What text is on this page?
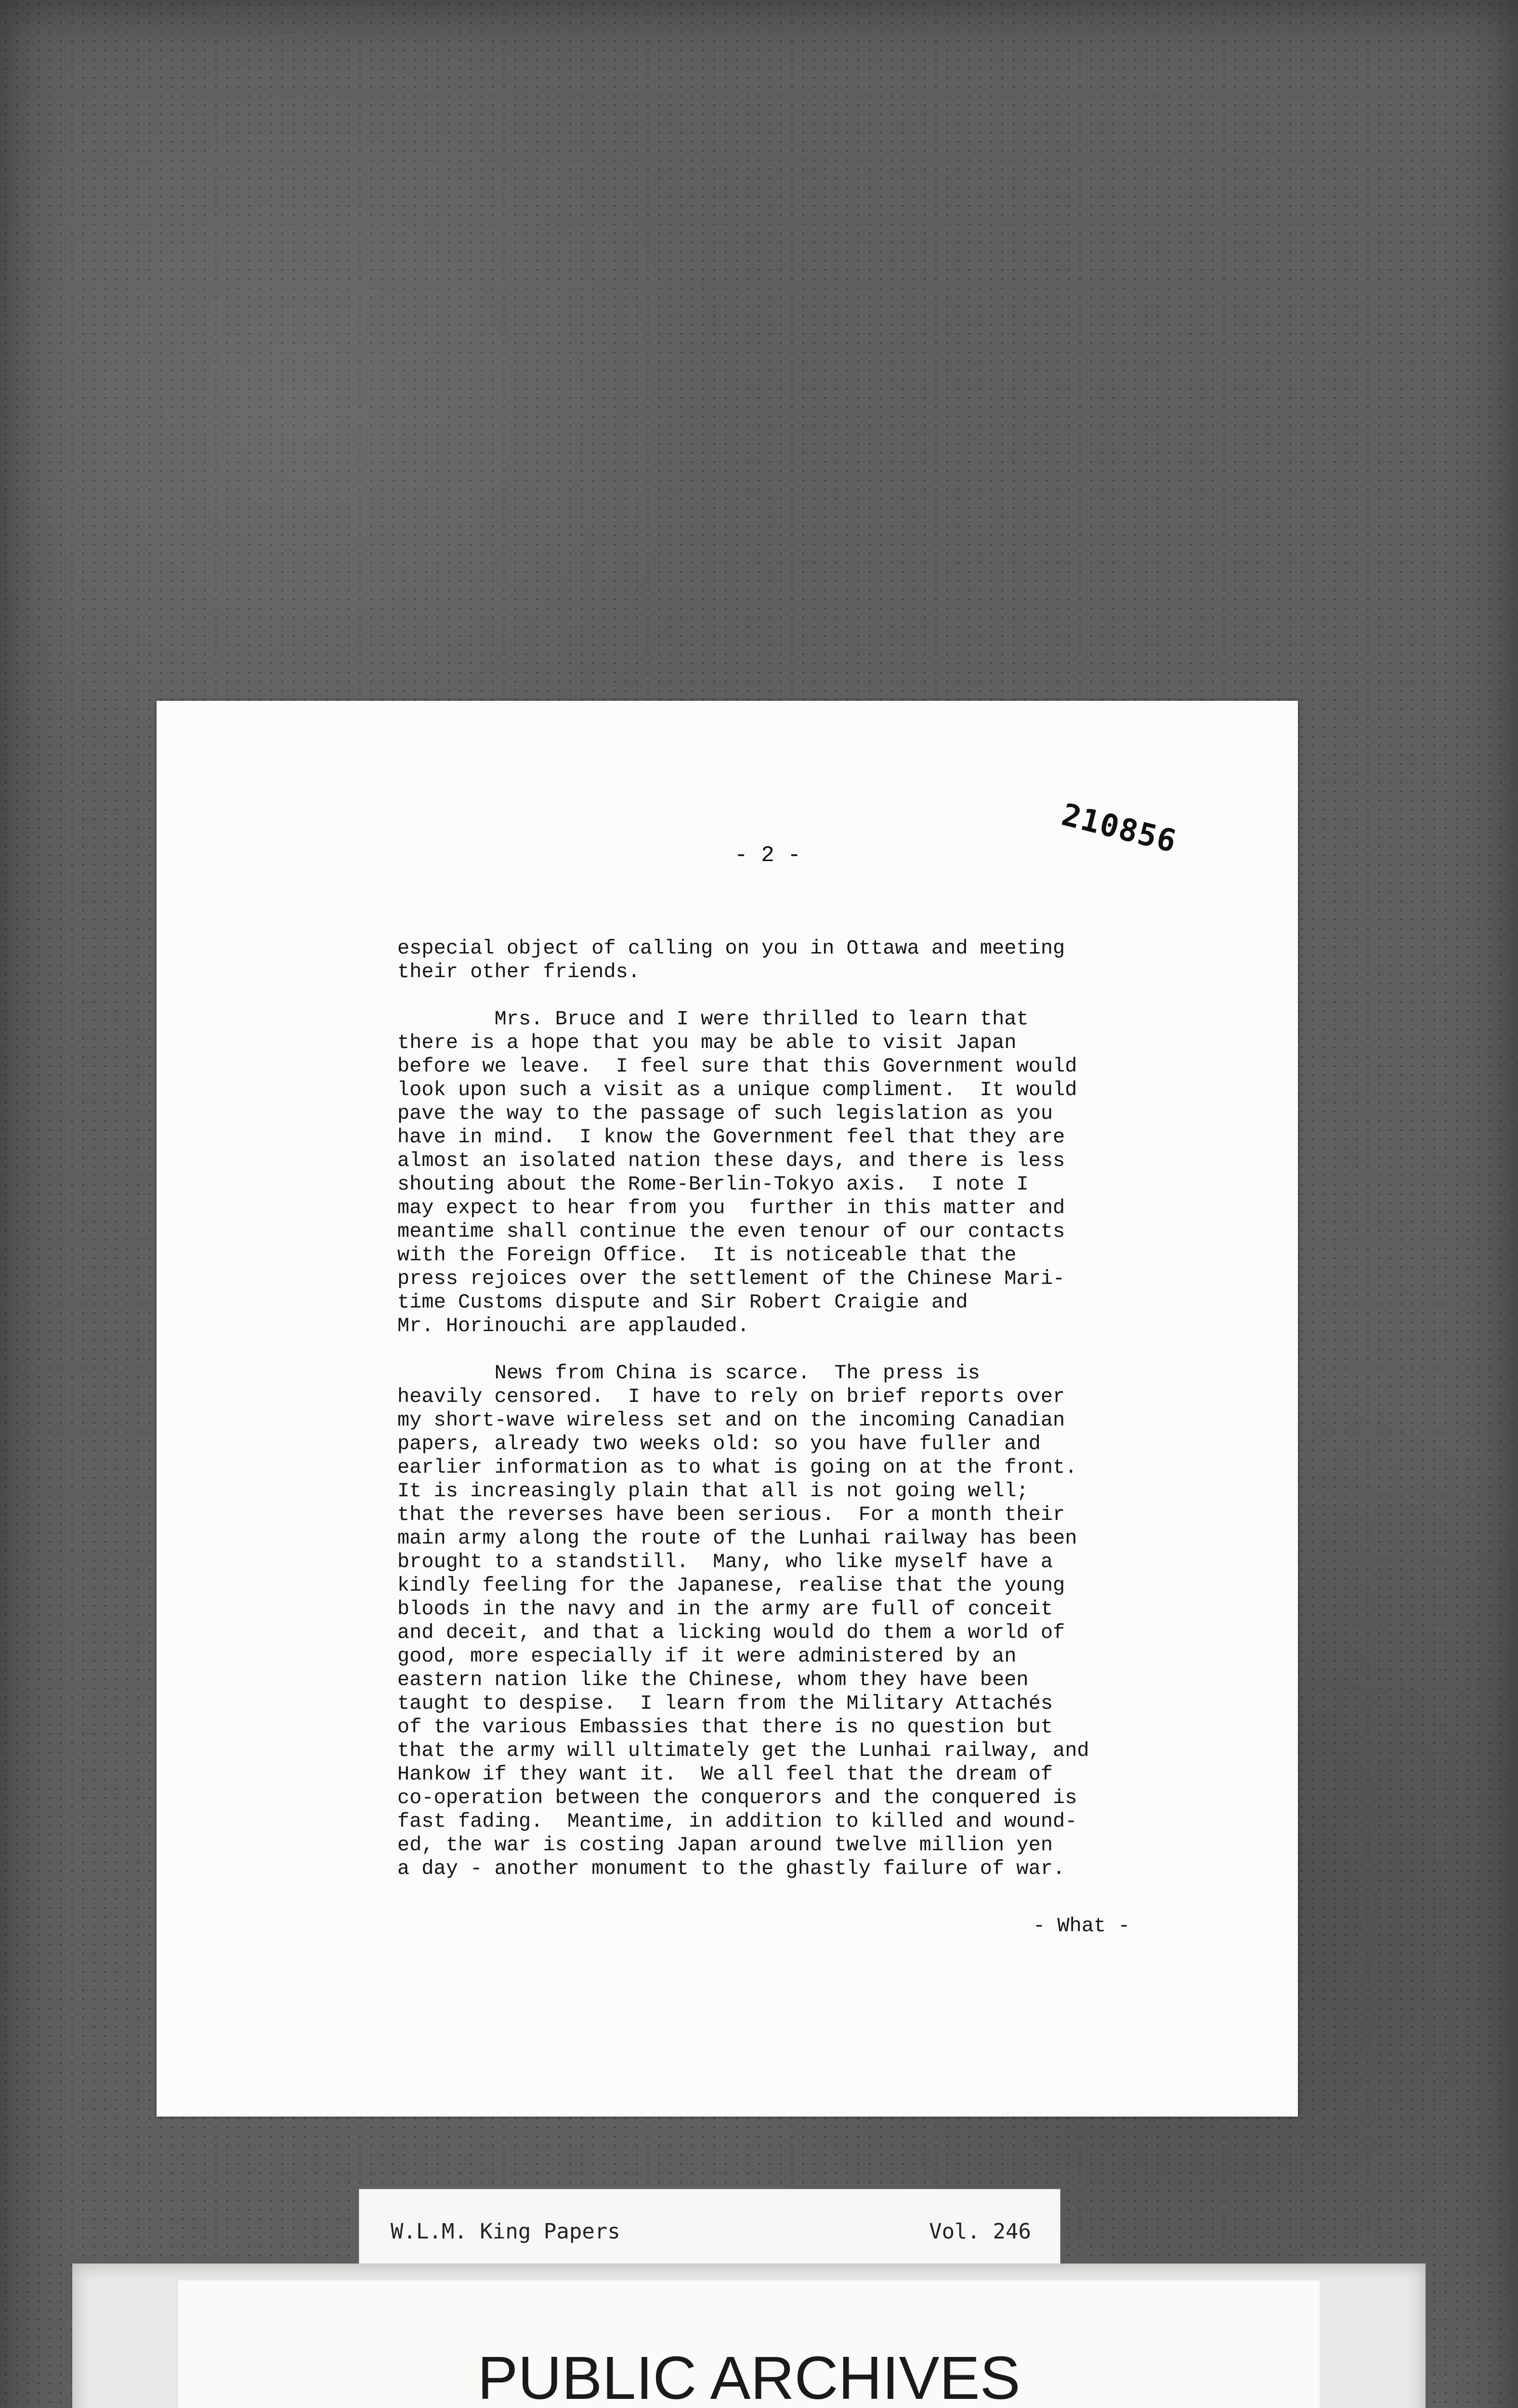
210856
- 2 -
especial object of calling on you in Ottawa and meeting
their other friends.
Mrs. Bruce and I were thrilled to learn that
there is a hope that you may be able to visit Japan
before we leave.  I feel sure that this Government would
look upon such a visit as a unique compliment.  It would
pave the way to the passage of such legislation as you
have in mind.  I know the Government feel that they are
almost an isolated nation these days, and there is less
shouting about the Rome-Berlin-Tokyo axis.  I note I
may expect to hear from you  further in this matter and
meantime shall continue the even tenour of our contacts
with the Foreign Office.  It is noticeable that the
press rejoices over the settlement of the Chinese Mari-
time Customs dispute and Sir Robert Craigie and
Mr. Horinouchi are applauded.
News from China is scarce.  The press is
heavily censored.  I have to rely on brief reports over
my short-wave wireless set and on the incoming Canadian
papers, already two weeks old: so you have fuller and
earlier information as to what is going on at the front.
It is increasingly plain that all is not going well;
that the reverses have been serious.  For a month their
main army along the route of the Lunhai railway has been
brought to a standstill.  Many, who like myself have a
kindly feeling for the Japanese, realise that the young
bloods in the navy and in the army are full of conceit
and deceit, and that a licking would do them a world of
good, more especially if it were administered by an
eastern nation like the Chinese, whom they have been
taught to despise.  I learn from the Military Attachés
of the various Embassies that there is no question but
that the army will ultimately get the Lunhai railway, and
Hankow if they want it.  We all feel that the dream of
co-operation between the conquerors and the conquered is
fast fading.  Meantime, in addition to killed and wound-
ed, the war is costing Japan around twelve million yen
a day - another monument to the ghastly failure of war.
- What -
W.L.M. King Papers	Vol. 246
PUBLIC ARCHIVES
